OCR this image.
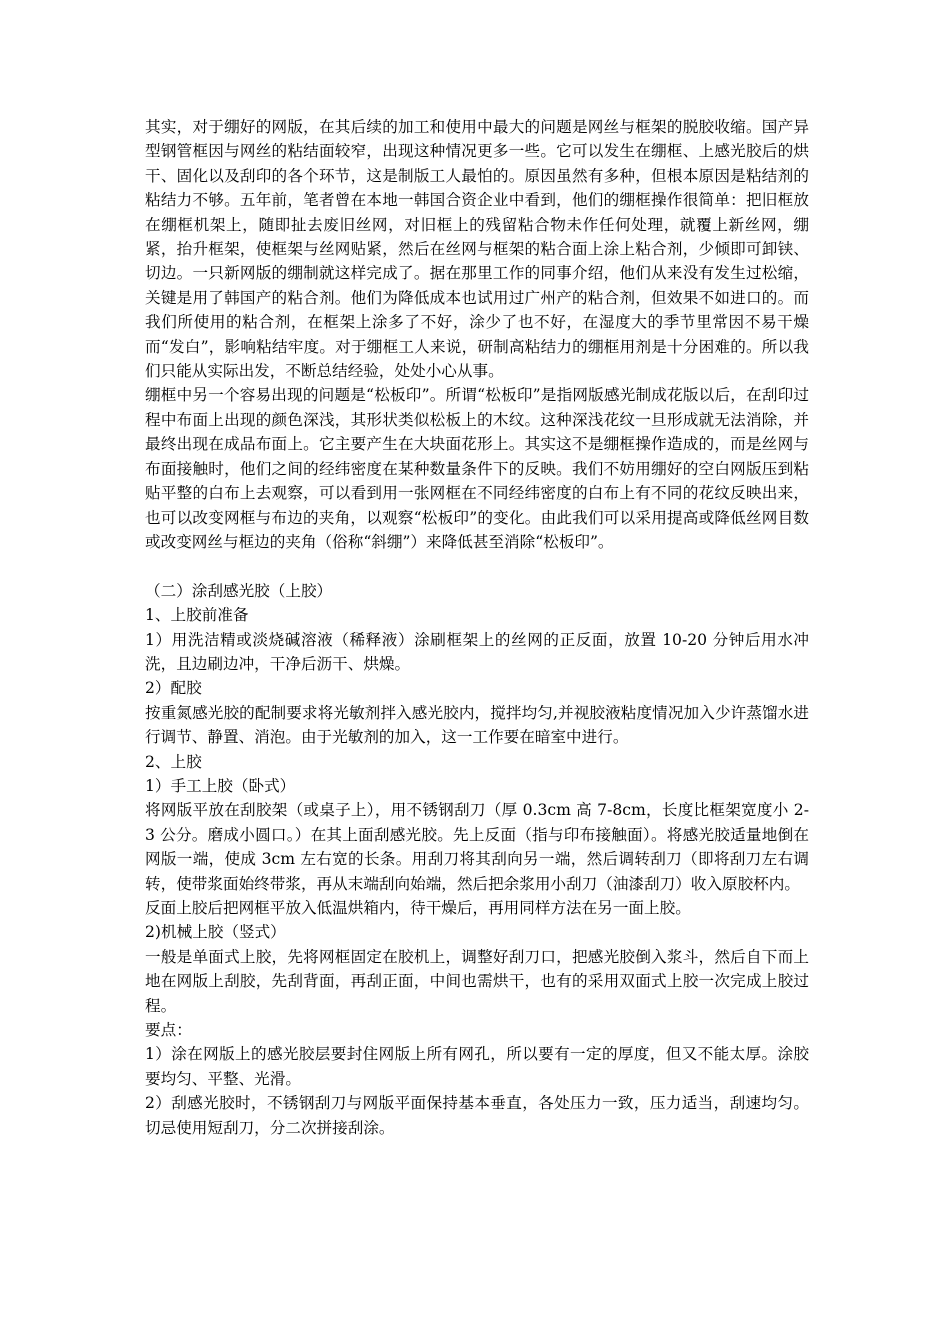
其实，对于绷好的网版，在其后续的加工和使用中最大的问题是网丝与框架的脱胶收缩。国产异型钢管框因与网丝的粘结面较窄，出现这种情况更多一些。它可以发生在绷框、上感光胶后的烘干、固化以及刮印的各个环节，这是制版工人最怕的。原因虽然有多种，但根本原因是粘结剂的粘结力不够。五年前，笔者曾在本地一韩国合资企业中看到，他们的绷框操作很简单：把旧框放在绷框机架上，随即扯去废旧丝网，对旧框上的残留粘合物未作任何处理，就覆上新丝网，绷紧，抬升框架，使框架与丝网贴紧，然后在丝网与框架的粘合面上涂上粘合剂，少倾即可卸铗、切边。一只新网版的绷制就这样完成了。据在那里工作的同事介绍，他们从来没有发生过松缩，关键是用了韩国产的粘合剂。他们为降低成本也试用过广州产的粘合剂，但效果不如进口的。而我们所使用的粘合剂，在框架上涂多了不好，涂少了也不好，在湿度大的季节里常因不易干燥而“发白”，影响粘结牢度。对于绷框工人来说，研制高粘结力的绷框用剂是十分困难的。所以我们只能从实际出发，不断总结经验，处处小心从事。

绷框中另一个容易出现的问题是“松板印”。所谓“松板印”是指网版感光制成花版以后，在刮印过程中布面上出现的颜色深浅，其形状类似松板上的木纹。这种深浅花纹一旦形成就无法消除，并最终出现在成品布面上。它主要产生在大块面花形上。其实这不是绷框操作造成的，而是丝网与布面接触时，他们之间的经纬密度在某种数量条件下的反映。我们不妨用绷好的空白网版压到粘贴平整的白布上去观察，可以看到用一张网框在不同经纬密度的白布上有不同的花纹反映出来，也可以改变网框与布边的夹角，以观察“松板印”的变化。由此我们可以采用提高或降低丝网目数或改变网丝与框边的夹角（俗称“斜绷”）来降低甚至消除“松板印”。

（二）涂刮感光胶（上胶）

1、上胶前准备

1）用洗洁精或淡烧碱溶液（稀释液）涂刷框架上的丝网的正反面，放置 10-20 分钟后用水冲洗，且边刷边冲，干净后沥干、烘燥。

2）配胶

按重氮感光胶的配制要求将光敏剂拌入感光胶内，搅拌均匀,并视胶液粘度情况加入少许蒸馏水进行调节、静置、消泡。由于光敏剂的加入，这一工作要在暗室中进行。

2、上胶

1）手工上胶（卧式）

将网版平放在刮胶架（或桌子上），用不锈钢刮刀（厚 0.3cm 高 7-8cm，长度比框架宽度小 2-3 公分。磨成小圆口。）在其上面刮感光胶。先上反面（指与印布接触面）。将感光胶适量地倒在网版一端，使成 3cm 左右宽的长条。用刮刀将其刮向另一端，然后调转刮刀（即将刮刀左右调转，使带浆面始终带浆，再从末端刮向始端，然后把余浆用小刮刀（油漆刮刀）收入原胶杯内。

反面上胶后把网框平放入低温烘箱内，待干燥后，再用同样方法在另一面上胶。

2)机械上胶（竖式）

一般是单面式上胶，先将网框固定在胶机上，调整好刮刀口，把感光胶倒入浆斗，然后自下而上地在网版上刮胶，先刮背面，再刮正面，中间也需烘干，也有的采用双面式上胶一次完成上胶过程。

要点：

1）涂在网版上的感光胶层要封住网版上所有网孔，所以要有一定的厚度，但又不能太厚。涂胶要均匀、平整、光滑。

2）刮感光胶时，不锈钢刮刀与网版平面保持基本垂直，各处压力一致，压力适当，刮速均匀。切忌使用短刮刀，分二次拼接刮涂。
